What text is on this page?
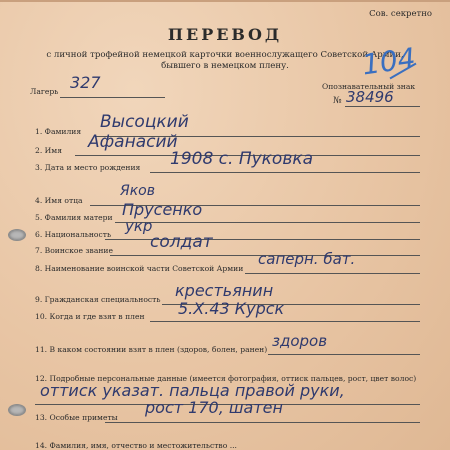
Сов. секретно
ПЕРЕВОД
с личной трофейной немецкой карточки военнослужащего Советской Армии,
бывшего в немецком плену.
Лагерь 327	Опознавательный знак
№ 38496
104
1. Фамилия Высоцкий
2. Имя Афанасий
3. Дата и место рождения 1908 с. Пуковка
4. Имя отца
Яков
5. Фамилия матери Прусенко
6. Национальность укр
7. Воинское звание солдат
8. Наименование воинской части Советской Армии
саперн. бат.
9. Гражданская специальность крестьянин
10. Когда и где взят в плен 5.X.43 Курск
11. В каком состоянии взят в плен (здоров, болен, ранен) здоров
12. Подробные персональные данные (имеется фотография, оттиск пальцев, рост, цвет волос)
оттиск указат. пальца правой руки,
13. Особые приметы
рост 170, шатен
14. Фамилия, имя, отчество и местожительство ...
